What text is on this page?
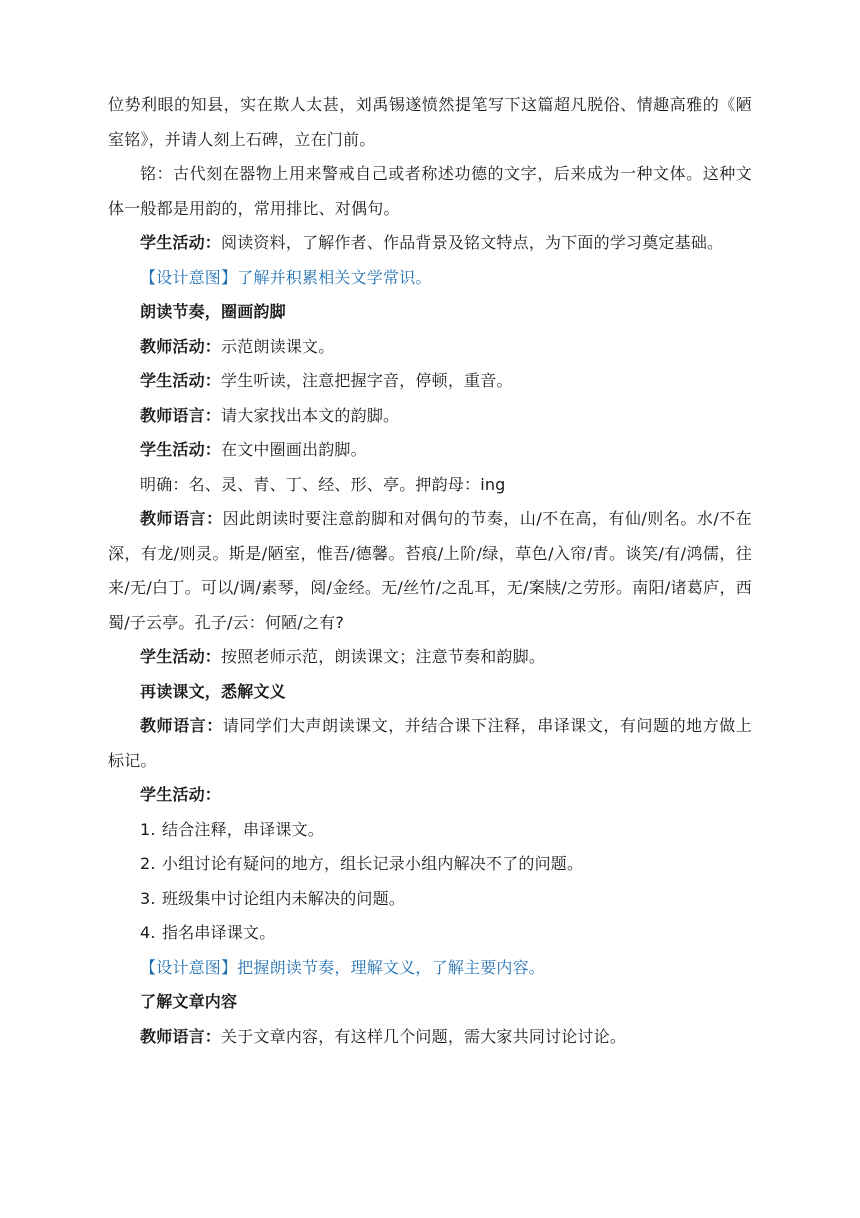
位势利眼的知县，实在欺人太甚，刘禹锡遂愤然提笔写下这篇超凡脱俗、情趣高雅的《陋室铭》，并请人刻上石碑，立在门前。

铭：古代刻在器物上用来警戒自己或者称述功德的文字，后来成为一种文体。这种文体一般都是用韵的，常用排比、对偶句。

学生活动：阅读资料，了解作者、作品背景及铭文特点，为下面的学习奠定基础。

【设计意图】了解并积累相关文学常识。

朗读节奏，圈画韵脚

教师活动：示范朗读课文。

学生活动：学生听读，注意把握字音，停顿，重音。

教师语言：请大家找出本文的韵脚。

学生活动：在文中圈画出韵脚。

明确：名、灵、青、丁、经、形、亭。押韵母：ing

教师语言：因此朗读时要注意韵脚和对偶句的节奏，山/不在高，有仙/则名。水/不在深，有龙/则灵。斯是/陋室，惟吾/德馨。苔痕/上阶/绿，草色/入帘/青。谈笑/有/鸿儒，往来/无/白丁。可以/调/素琴，阅/金经。无/丝竹/之乱耳，无/案牍/之劳形。南阳/诸葛庐，西蜀/子云亭。孔子/云：何陋/之有?

学生活动：按照老师示范，朗读课文；注意节奏和韵脚。

再读课文，悉解文义

教师语言：请同学们大声朗读课文，并结合课下注释，串译课文，有问题的地方做上标记。

学生活动：

1. 结合注释，串译课文。

2. 小组讨论有疑问的地方，组长记录小组内解决不了的问题。

3. 班级集中讨论组内未解决的问题。

4. 指名串译课文。

【设计意图】把握朗读节奏，理解文义，了解主要内容。

了解文章内容

教师语言：关于文章内容，有这样几个问题，需大家共同讨论讨论。
